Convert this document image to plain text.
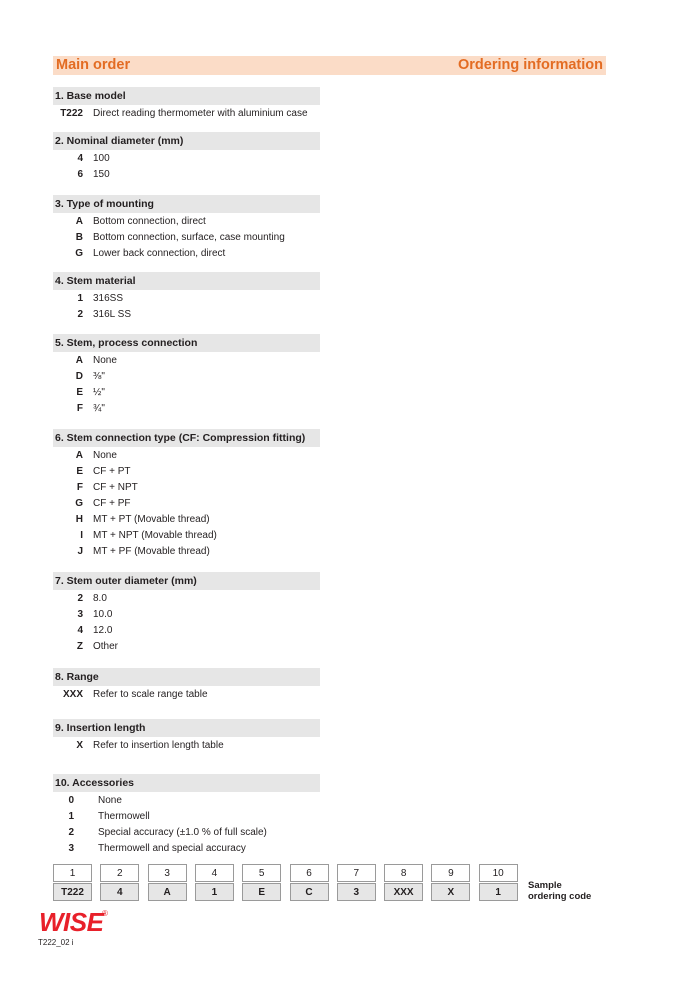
Main order	Ordering information
1. Base model
T222 Direct reading thermometer with aluminium case
2. Nominal diameter (mm)
4 100
6 150
3. Type of mounting
A Bottom connection, direct
B Bottom connection, surface, case mounting
G Lower back connection, direct
4. Stem material
1 316SS
2 316L SS
5. Stem, process connection
A None
D ⅜"
E ½"
F ¾"
6. Stem connection type (CF: Compression fitting)
A None
E CF + PT
F CF + NPT
G CF + PF
H MT + PT (Movable thread)
I MT + NPT (Movable thread)
J MT + PF (Movable thread)
7. Stem outer diameter (mm)
2 8.0
3 10.0
4 12.0
Z Other
8. Range
XXX Refer to scale range table
9. Insertion length
X Refer to insertion length table
10. Accessories
0 None
1 Thermowell
2 Special accuracy (±1.0 % of full scale)
3 Thermowell and special accuracy
1
T222
2
4
3
A
4
1
5
E
6
C
7
3
8
XXX
9
X
10
1
Sample
ordering code
WISE
®
T222_02 i
